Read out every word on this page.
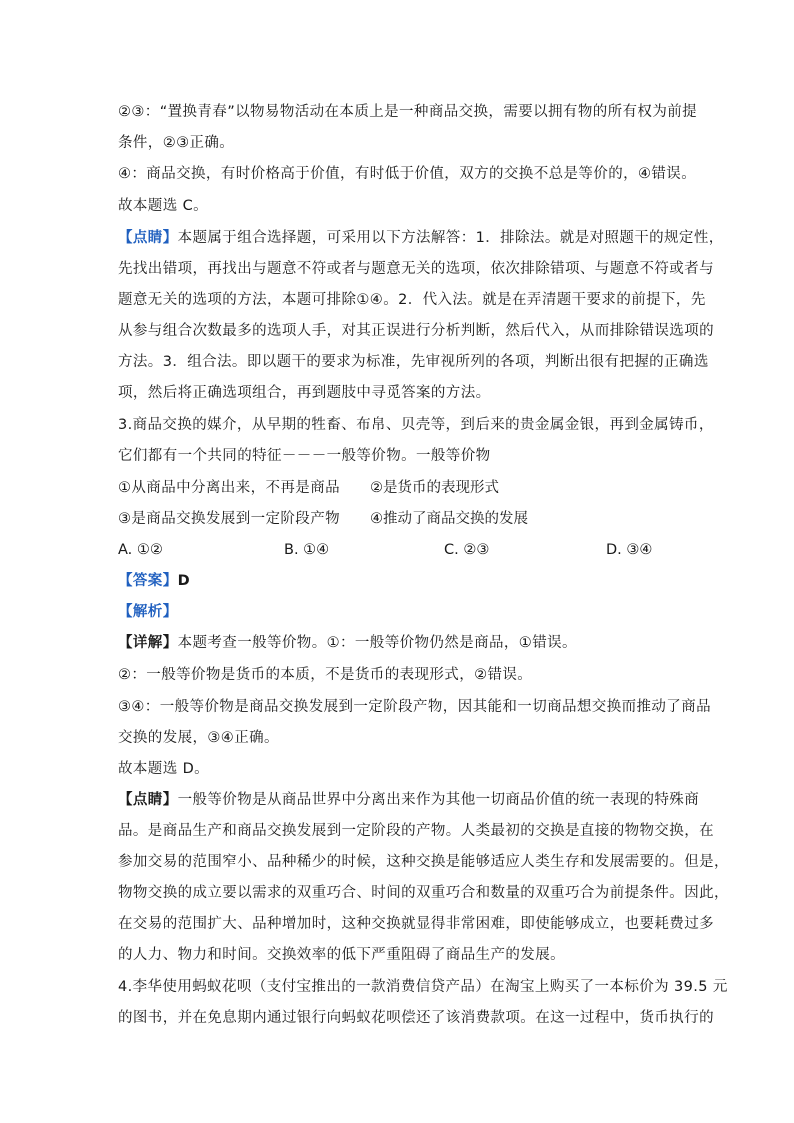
②③：“置换青春”以物易物活动在本质上是一种商品交换，需要以拥有物的所有权为前提
条件，②③正确。
④：商品交换，有时价格高于价值，有时低于价值，双方的交换不总是等价的，④错误。
故本题选 C。
【点睛】本题属于组合选择题，可采用以下方法解答：1．排除法。就是对照题干的规定性，
先找出错项，再找出与题意不符或者与题意无关的选项，依次排除错项、与题意不符或者与
题意无关的选项的方法，本题可排除①④。2．代入法。就是在弄清题干要求的前提下，先
从参与组合次数最多的选项人手，对其正误进行分析判断，然后代入，从而排除错误选项的
方法。3．组合法。即以题干的要求为标准，先审视所列的各项，判断出很有把握的正确选
项，然后将正确选项组合，再到题肢中寻觅答案的方法。
3.商品交换的媒介，从早期的牲畜、布帛、贝壳等，到后来的贵金属金银，再到金属铸币，
它们都有一个共同的特征－－－一般等价物。一般等价物
①从商品中分离出来，不再是商品 ②是货币的表现形式
③是商品交换发展到一定阶段产物 ④推动了商品交换的发展
A. ①②	B. ①④	C. ②③	D. ③④
【答案】D
【解析】
【详解】本题考查一般等价物。①：一般等价物仍然是商品，①错误。
②：一般等价物是货币的本质，不是货币的表现形式，②错误。
③④：一般等价物是商品交换发展到一定阶段产物，因其能和一切商品想交换而推动了商品
交换的发展，③④正确。
故本题选 D。
【点睛】一般等价物是从商品世界中分离出来作为其他一切商品价值的统一表现的特殊商
品。是商品生产和商品交换发展到一定阶段的产物。人类最初的交换是直接的物物交换，在
参加交易的范围窄小、品种稀少的时候，这种交换是能够适应人类生存和发展需要的。但是，
物物交换的成立要以需求的双重巧合、时间的双重巧合和数量的双重巧合为前提条件。因此，
在交易的范围扩大、品种增加时，这种交换就显得非常困难，即使能够成立，也要耗费过多
的人力、物力和时间。交换效率的低下严重阻碍了商品生产的发展。
4.李华使用蚂蚁花呗（支付宝推出的一款消费信贷产品）在淘宝上购买了一本标价为 39.5 元
的图书，并在免息期内通过银行向蚂蚁花呗偿还了该消费款项。在这一过程中，货币执行的
